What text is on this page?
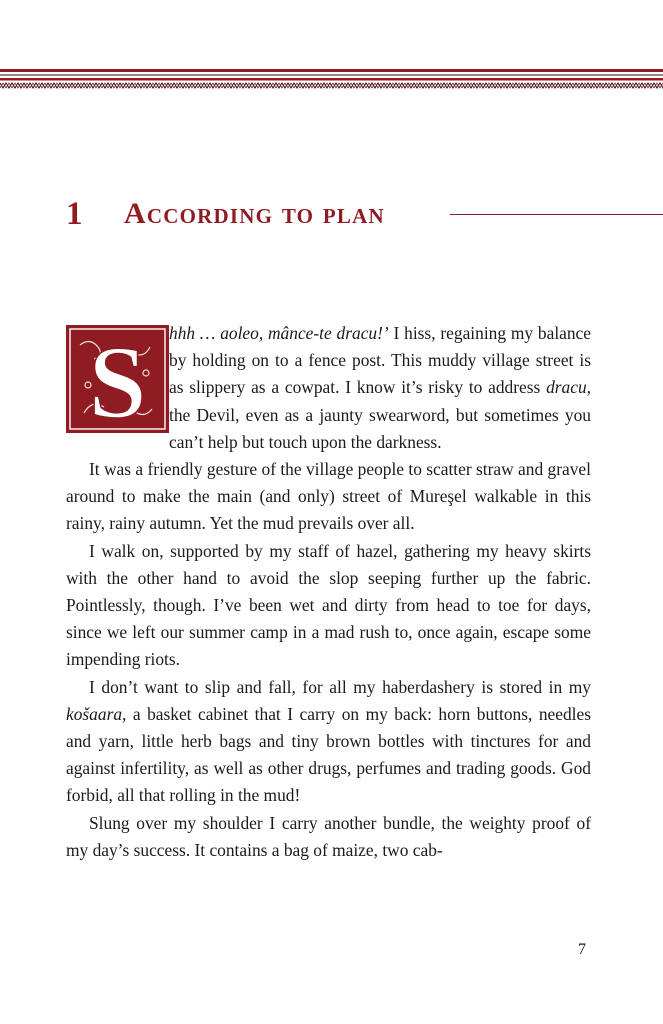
1 According to plan

S hhh … aoleo, mânce-te dracu!’ I hiss, regaining my balance by holding on to a fence post. This muddy village street is as slippery as a cowpat. I know it’s risky to address dracu, the Devil, even as a jaunty swearword, but sometimes you can’t help but touch upon the darkness.

It was a friendly gesture of the village people to scatter straw and gravel around to make the main (and only) street of Mureşel walkable in this rainy, rainy autumn. Yet the mud prevails over all.

I walk on, supported by my staff of hazel, gathering my heavy skirts with the other hand to avoid the slop seeping further up the fabric. Pointlessly, though. I’ve been wet and dirty from head to toe for days, since we left our summer camp in a mad rush to, once again, escape some impending riots.

I don’t want to slip and fall, for all my haberdashery is stored in my košaara, a basket cabinet that I carry on my back: horn buttons, needles and yarn, little herb bags and tiny brown bottles with tinctures for and against infertility, as well as other drugs, perfumes and trading goods. God forbid, all that rolling in the mud!

Slung over my shoulder I carry another bundle, the weighty proof of my day’s success. It contains a bag of maize, two cab-

7
